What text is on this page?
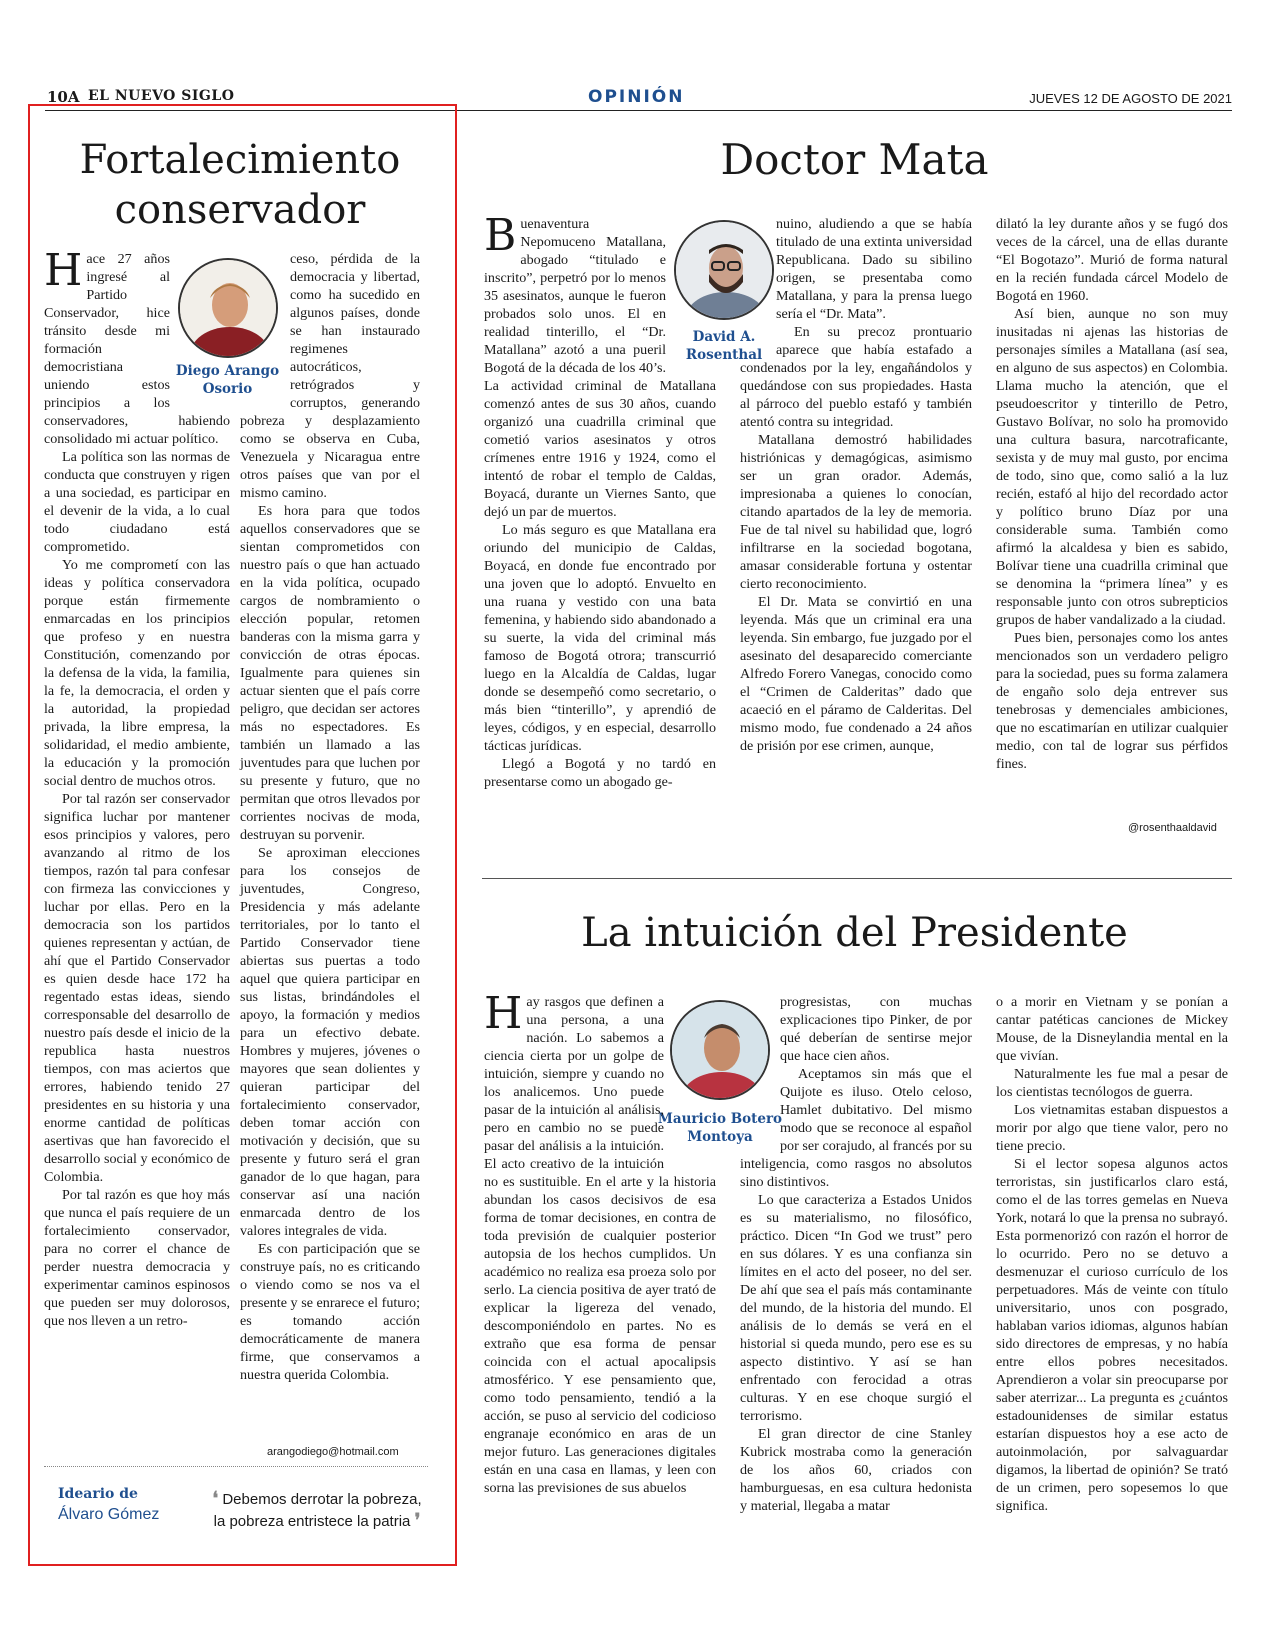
10A EL NUEVO SIGLO	OPINIÓN	JUEVES 12 DE AGOSTO DE 2021
Fortalecimiento conservador
Diego Arango
Osorio

Hace 27 años ingresé al Partido Conservador, hice tránsito desde mi formación democristiana uniendo estos principios a los conservadores, habiendo consolidado mi actuar político.

La política son las normas de conducta que construyen y rigen a una sociedad, es participar en el devenir de la vida, a lo cual todo ciudadano está comprometido.

Yo me comprometí con las ideas y política conservadora porque están firmemente enmarcadas en los principios que profeso y en nuestra Constitución, comenzando por la defensa de la vida, la familia, la fe, la democracia, el orden y la autoridad, la propiedad privada, la libre empresa, la solidaridad, el medio ambiente, la educación y la promoción social dentro de muchos otros.

Por tal razón ser conservador significa luchar por mantener esos principios y valores, pero avanzando al ritmo de los tiempos, razón tal para confesar con firmeza las convicciones y luchar por ellas. Pero en la democracia son los partidos quienes representan y actúan, de ahí que el Partido Conservador es quien desde hace 172 ha regentado estas ideas, siendo corresponsable del desarrollo de nuestro país desde el inicio de la republica hasta nuestros tiempos, con mas aciertos que errores, habiendo tenido 27 presidentes en su historia y una enorme cantidad de políticas asertivas que han favorecido el desarrollo social y económico de Colombia.

Por tal razón es que hoy más que nunca el país requiere de un fortalecimiento conservador, para no correr el chance de perder nuestra democracia y experimentar caminos espinosos que pueden ser muy dolorosos, que nos lleven a un retro-

ceso, pérdida de la democracia y libertad, como ha sucedido en algunos países, donde se han instaurado regimenes autocráticos, retrógrados y corruptos, generando pobreza y desplazamiento como se observa en Cuba, Venezuela y Nicaragua entre otros países que van por el mismo camino.

Es hora para que todos aquellos conservadores que se sientan comprometidos con nuestro país o que han actuado en la vida política, ocupado cargos de nombramiento o elección popular, retomen banderas con la misma garra y convicción de otras épocas. Igualmente para quienes sin actuar sienten que el país corre peligro, que decidan ser actores más no espectadores. Es también un llamado a las juventudes para que luchen por su presente y futuro, que no permitan que otros llevados por corrientes nocivas de moda, destruyan su porvenir.

Se aproximan elecciones para los consejos de juventudes, Congreso, Presidencia y más adelante territoriales, por lo tanto el Partido Conservador tiene abiertas sus puertas a todo aquel que quiera participar en sus listas, brindándoles el apoyo, la formación y medios para un efectivo debate. Hombres y mujeres, jóvenes o mayores que sean dolientes y quieran participar del fortalecimiento conservador, deben tomar acción con motivación y decisión, que su presente y futuro será el gran ganador de lo que hagan, para conservar así una nación enmarcada dentro de los valores integrales de vida.

Es con participación que se construye país, no es criticando o viendo como se nos va el presente y se enrarece el futuro; es tomando acción democráticamente de manera firme, que conservamos a nuestra querida Colombia.

arangodiego@hotmail.com
Ideario de
Álvaro Gómez
❛ Debemos derrotar la pobreza, la pobreza entristece la patria ❜
Doctor Mata
David A.
Rosenthal

Buenaventura Nepomuceno Matallana, abogado “titulado e inscrito”, perpetró por lo menos 35 asesinatos, aunque le fueron probados solo unos. El en realidad tinterillo, el “Dr. Matallana” azotó a una pueril Bogotá de la década de los 40’s. La actividad criminal de Matallana comenzó antes de sus 30 años, cuando organizó una cuadrilla criminal que cometió varios asesinatos y otros crímenes entre 1916 y 1924, como el intentó de robar el templo de Caldas, Boyacá, durante un Viernes Santo, que dejó un par de muertos.

Lo más seguro es que Matallana era oriundo del municipio de Caldas, Boyacá, en donde fue encontrado por una joven que lo adoptó. Envuelto en una ruana y vestido con una bata femenina, y habiendo sido abandonado a su suerte, la vida del criminal más famoso de Bogotá otrora; transcurrió luego en la Alcaldía de Caldas, lugar donde se desempeñó como secretario, o más bien “tinterillo”, y aprendió de leyes, códigos, y en especial, desarrollo tácticas jurídicas.

Llegó a Bogotá y no tardó en presentarse como un abogado ge-

nuino, aludiendo a que se había titulado de una extinta universidad Republicana. Dado su sibilino origen, se presentaba como Matallana, y para la prensa luego sería el “Dr. Mata”.

En su precoz prontuario aparece que había estafado a condenados por la ley, engañándolos y quedándose con sus propiedades. Hasta al párroco del pueblo estafó y también atentó contra su integridad.

Matallana demostró habilidades histriónicas y demagógicas, asimismo ser un gran orador. Además, impresionaba a quienes lo conocían, citando apartados de la ley de memoria. Fue de tal nivel su habilidad que, logró infiltrarse en la sociedad bogotana, amasar considerable fortuna y ostentar cierto reconocimiento.

El Dr. Mata se convirtió en una leyenda. Más que un criminal era una leyenda. Sin embargo, fue juzgado por el asesinato del desaparecido comerciante Alfredo Forero Vanegas, conocido como el “Crimen de Calderitas” dado que acaeció en el páramo de Calderitas. Del mismo modo, fue condenado a 24 años de prisión por ese crimen, aunque,

dilató la ley durante años y se fugó dos veces de la cárcel, una de ellas durante “El Bogotazo”. Murió de forma natural en la recién fundada cárcel Modelo de Bogotá en 1960.

Así bien, aunque no son muy inusitadas ni ajenas las historias de personajes símiles a Matallana (así sea, en alguno de sus aspectos) en Colombia. Llama mucho la atención, que el pseudoescritor y tinterillo de Petro, Gustavo Bolívar, no solo ha promovido una cultura basura, narcotraficante, sexista y de muy mal gusto, por encima de todo, sino que, como salió a la luz recién, estafó al hijo del recordado actor y político bruno Díaz por una considerable suma. También como afirmó la alcaldesa y bien es sabido, Bolívar tiene una cuadrilla criminal que se denomina la “primera línea” y es responsable junto con otros subrepticios grupos de haber vandalizado a la ciudad.

Pues bien, personajes como los antes mencionados son un verdadero peligro para la sociedad, pues su forma zalamera de engaño solo deja entrever sus tenebrosas y demenciales ambiciones, que no escatimarían en utilizar cualquier medio, con tal de lograr sus pérfidos fines.

@rosenthaaldavid
La intuición del Presidente
Mauricio Botero
Montoya

Hay rasgos que definen a una persona, a una nación. Lo sabemos a ciencia cierta por un golpe de intuición, siempre y cuando no los analicemos. Uno puede pasar de la intuición al análisis, pero en cambio no se puede pasar del análisis a la intuición. El acto creativo de la intuición no es sustituible. En el arte y la historia abundan los casos decisivos de esa forma de tomar decisiones, en contra de toda previsión de cualquier posterior autopsia de los hechos cumplidos. Un académico no realiza esa proeza solo por serlo. La ciencia positiva de ayer trató de explicar la ligereza del venado, descomponiéndolo en partes. No es extraño que esa forma de pensar coincida con el actual apocalipsis atmosférico. Y ese pensamiento que, como todo pensamiento, tendió a la acción, se puso al servicio del codicioso engranaje económico en aras de un mejor futuro. Las generaciones digitales están en una casa en llamas, y leen con sorna las previsiones de sus abuelos

progresistas, con muchas explicaciones tipo Pinker, de por qué deberían de sentirse mejor que hace cien años.

Aceptamos sin más que el Quijote es iluso. Otelo celoso, Hamlet dubitativo. Del mismo modo que se reconoce al español por ser corajudo, al francés por su inteligencia, como rasgos no absolutos sino distintivos.

Lo que caracteriza a Estados Unidos es su materialismo, no filosófico, práctico. Dicen “In God we trust” pero en sus dólares. Y es una confianza sin límites en el acto del poseer, no del ser. De ahí que sea el país más contaminante del mundo, de la historia del mundo. El análisis de lo demás se verá en el historial si queda mundo, pero ese es su aspecto distintivo. Y así se han enfrentado con ferocidad a otras culturas. Y en ese choque surgió el terrorismo.

El gran director de cine Stanley Kubrick mostraba como la generación de los años 60, criados con hamburguesas, en esa cultura hedonista y material, llegaba a matar

o a morir en Vietnam y se ponían a cantar patéticas canciones de Mickey Mouse, de la Disneylandia mental en la que vivían.

Naturalmente les fue mal a pesar de los cientistas tecnólogos de guerra.

Los vietnamitas estaban dispuestos a morir por algo que tiene valor, pero no tiene precio.

Si el lector sopesa algunos actos terroristas, sin justificarlos claro está, como el de las torres gemelas en Nueva York, notará lo que la prensa no subrayó. Esta pormenorizó con razón el horror de lo ocurrido. Pero no se detuvo a desmenuzar el curioso currículo de los perpetuadores. Más de veinte con título universitario, unos con posgrado, hablaban varios idiomas, algunos habían sido directores de empresas, y no había entre ellos pobres necesitados. Aprendieron a volar sin preocuparse por saber aterrizar... La pregunta es ¿cuántos estadounidenses de similar estatus estarían dispuestos hoy a ese acto de autoinmolación, por salvaguardar digamos, la libertad de opinión? Se trató de un crimen, pero sopesemos lo que significa.
